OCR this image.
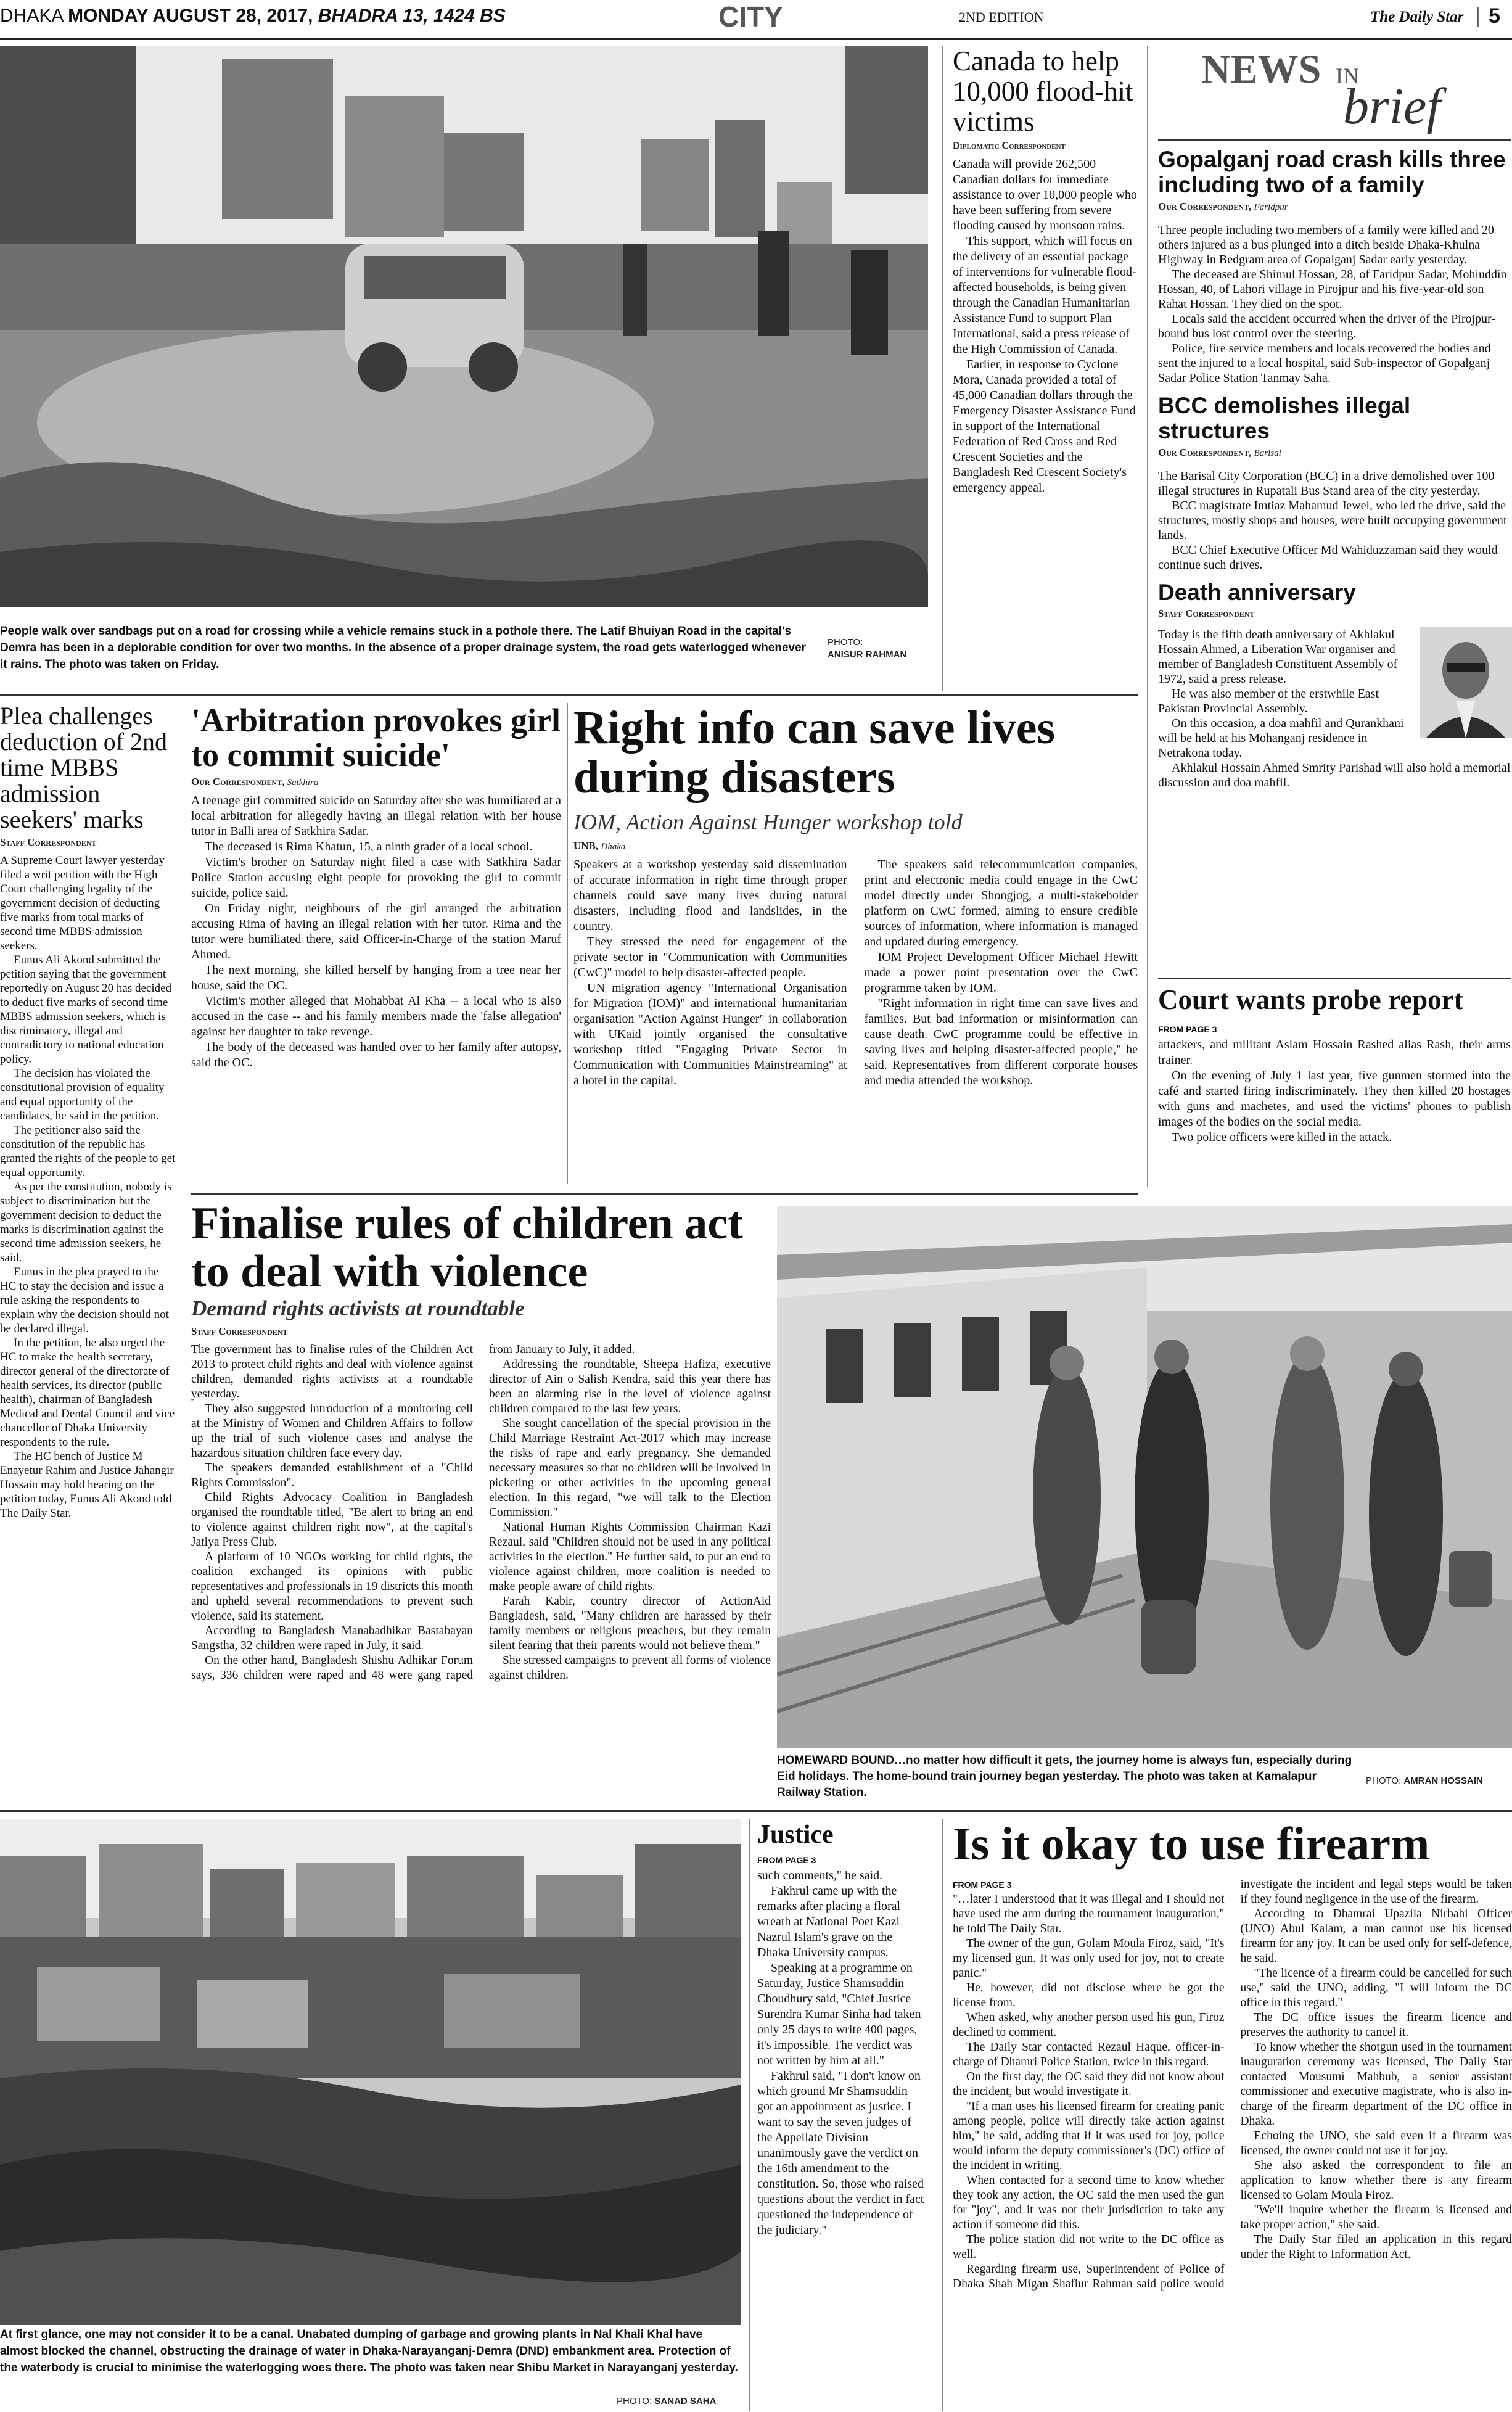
DHAKA MONDAY AUGUST 28, 2017, BHADRA 13, 1424 BS	CITY	2ND EDITION	The Daily Star | 5
People walk over sandbags put on a road for crossing while a vehicle remains stuck in a pothole there. The Latif Bhuiyan Road in the capital's Demra has been in a deplorable condition for over two months. In the absence of a proper drainage system, the road gets waterlogged whenever it rains. The photo was taken on Friday.
PHOTO:
ANISUR RAHMAN
Canada to help 10,000 flood-hit victims
Diplomatic Correspondent

Canada will provide 262,500 Canadian dollars for immediate assistance to over 10,000 people who have been suffering from severe flooding caused by monsoon rains.

This support, which will focus on the delivery of an essential package of interventions for vulnerable flood-affected households, is being given through the Canadian Humanitarian Assistance Fund to support Plan International, said a press release of the High Commission of Canada.

Earlier, in response to Cyclone Mora, Canada provided a total of 45,000 Canadian dollars through the Emergency Disaster Assistance Fund in support of the International Federation of Red Cross and Red Crescent Societies and the Bangladesh Red Crescent Society's emergency appeal.

NEWS IN
brief
Gopalganj road crash kills three including two of a family
Our Correspondent, Faridpur

Three people including two members of a family were killed and 20 others injured as a bus plunged into a ditch beside Dhaka-Khulna Highway in Bedgram area of Gopalganj Sadar early yesterday.

The deceased are Shimul Hossan, 28, of Faridpur Sadar, Mohiuddin Hossan, 40, of Lahori village in Pirojpur and his five-year-old son Rahat Hossan. They died on the spot.

Locals said the accident occurred when the driver of the Pirojpur-bound bus lost control over the steering.

Police, fire service members and locals recovered the bodies and sent the injured to a local hospital, said Sub-inspector of Gopalganj Sadar Police Station Tanmay Saha.

BCC demolishes illegal structures
Our Correspondent, Barisal

The Barisal City Corporation (BCC) in a drive demolished over 100 illegal structures in Rupatali Bus Stand area of the city yesterday.

BCC magistrate Imtiaz Mahamud Jewel, who led the drive, said the structures, mostly shops and houses, were built occupying government lands.

BCC Chief Executive Officer Md Wahiduzzaman said they would continue such drives.

Death anniversary
Staff Correspondent

Today is the fifth death anniversary of Akhlakul Hossain Ahmed, a Liberation War organiser and member of Bangladesh Constituent Assembly of 1972, said a press release.

He was also member of the erstwhile East Pakistan Provincial Assembly.

On this occasion, a doa mahfil and Qurankhani will be held at his Mohanganj residence in Netrakona today.

Akhlakul Hossain Ahmed Smrity Parishad will also hold a memorial discussion and doa mahfil.

Court wants probe report

FROM PAGE 3

attackers, and militant Aslam Hossain Rashed alias Rash, their arms trainer.

On the evening of July 1 last year, five gunmen stormed into the café and started firing indiscriminately. They then killed 20 hostages with guns and machetes, and used the victims' phones to publish images of the bodies on the social media.

Two police officers were killed in the attack.

Plea challenges deduction of 2nd time MBBS admission seekers' marks
Staff Correspondent

A Supreme Court lawyer yesterday filed a writ petition with the High Court challenging legality of the government decision of deducting five marks from total marks of second time MBBS admission seekers.

Eunus Ali Akond submitted the petition saying that the government reportedly on August 20 has decided to deduct five marks of second time MBBS admission seekers, which is discriminatory, illegal and contradictory to national education policy.

The decision has violated the constitutional provision of equality and equal opportunity of the candidates, he said in the petition.

The petitioner also said the constitution of the republic has granted the rights of the people to get equal opportunity.

As per the constitution, nobody is subject to discrimination but the government decision to deduct the marks is discrimination against the second time admission seekers, he said.

Eunus in the plea prayed to the HC to stay the decision and issue a rule asking the respondents to explain why the decision should not be declared illegal.

In the petition, he also urged the HC to make the health secretary, director general of the directorate of health services, its director (public health), chairman of Bangladesh Medical and Dental Council and vice chancellor of Dhaka University respondents to the rule.

The HC bench of Justice M Enayetur Rahim and Justice Jahangir Hossain may hold hearing on the petition today, Eunus Ali Akond told The Daily Star.

'Arbitration provokes girl to commit suicide'
Our Correspondent, Satkhira

A teenage girl committed suicide on Saturday after she was humiliated at a local arbitration for allegedly having an illegal relation with her house tutor in Balli area of Satkhira Sadar.

The deceased is Rima Khatun, 15, a ninth grader of a local school.

Victim's brother on Saturday night filed a case with Satkhira Sadar Police Station accusing eight people for provoking the girl to commit suicide, police said.

On Friday night, neighbours of the girl arranged the arbitration accusing Rima of having an illegal relation with her tutor. Rima and the tutor were humiliated there, said Officer-in-Charge of the station Maruf Ahmed.

The next morning, she killed herself by hanging from a tree near her house, said the OC.

Victim's mother alleged that Mohabbat Al Kha -- a local who is also accused in the case -- and his family members made the 'false allegation' against her daughter to take revenge.

The body of the deceased was handed over to her family after autopsy, said the OC.

Right info can save lives during disasters
IOM, Action Against Hunger workshop told
UNB, Dhaka

Speakers at a workshop yesterday said dissemination of accurate information in right time through proper channels could save many lives during natural disasters, including flood and landslides, in the country.

They stressed the need for engagement of the private sector in "Communication with Communities (CwC)" model to help disaster-affected people.

UN migration agency "International Organisation for Migration (IOM)" and international humanitarian organisation "Action Against Hunger" in collaboration with UKaid jointly organised the consultative workshop titled "Engaging Private Sector in Communication with Communities Mainstreaming" at a hotel in the capital.

The speakers said telecommunication companies, print and electronic media could engage in the CwC model directly under Shongjog, a multi-stakeholder platform on CwC formed, aiming to ensure credible sources of information, where information is managed and updated during emergency.

IOM Project Development Officer Michael Hewitt made a power point presentation over the CwC programme taken by IOM.

"Right information in right time can save lives and families. But bad information or misinformation can cause death. CwC programme could be effective in saving lives and helping disaster-affected people," he said. Representatives from different corporate houses and media attended the workshop.

Finalise rules of children act to deal with violence
Demand rights activists at roundtable
Staff Correspondent

The government has to finalise rules of the Children Act 2013 to protect child rights and deal with violence against children, demanded rights activists at a roundtable yesterday.

They also suggested introduction of a monitoring cell at the Ministry of Women and Children Affairs to follow up the trial of such violence cases and analyse the hazardous situation children face every day.

The speakers demanded establishment of a "Child Rights Commission".

Child Rights Advocacy Coalition in Bangladesh organised the roundtable titled, "Be alert to bring an end to violence against children right now", at the capital's Jatiya Press Club.

A platform of 10 NGOs working for child rights, the coalition exchanged its opinions with public representatives and professionals in 19 districts this month and upheld several recommendations to prevent such violence, said its statement.

According to Bangladesh Manabadhikar Bastabayan Sangstha, 32 children were raped in July, it said.

On the other hand, Bangladesh Shishu Adhikar Forum says, 336 children were raped and 48 were gang raped from January to July, it added.

Addressing the roundtable, Sheepa Hafiza, executive director of Ain o Salish Kendra, said this year there has been an alarming rise in the level of violence against children compared to the last few years.

She sought cancellation of the special provision in the Child Marriage Restraint Act-2017 which may increase the risks of rape and early pregnancy. She demanded necessary measures so that no children will be involved in picketing or other activities in the upcoming general election. In this regard, "we will talk to the Election Commission."

National Human Rights Commission Chairman Kazi Rezaul, said "Children should not be used in any political activities in the election." He further said, to put an end to violence against children, more coalition is needed to make people aware of child rights.

Farah Kabir, country director of ActionAid Bangladesh, said, "Many children are harassed by their family members or religious preachers, but they remain silent fearing that their parents would not believe them."

She stressed campaigns to prevent all forms of violence against children.

HOMEWARD BOUND…no matter how difficult it gets, the journey home is always fun, especially during Eid holidays. The home-bound train journey began yesterday. The photo was taken at Kamalapur Railway Station.
PHOTO: AMRAN HOSSAIN
At first glance, one may not consider it to be a canal. Unabated dumping of garbage and growing plants in Nal Khali Khal have almost blocked the channel, obstructing the drainage of water in Dhaka-Narayanganj-Demra (DND) embankment area. Protection of the waterbody is crucial to minimise the waterlogging woes there. The photo was taken near Shibu Market in Narayanganj yesterday.
PHOTO: SANAD SAHA
Justice

FROM PAGE 3

such comments," he said.

Fakhrul came up with the remarks after placing a floral wreath at National Poet Kazi Nazrul Islam's grave on the Dhaka University campus.

Speaking at a programme on Saturday, Justice Shamsuddin Choudhury said, "Chief Justice Surendra Kumar Sinha had taken only 25 days to write 400 pages, it's impossible. The verdict was not written by him at all."

Fakhrul said, "I don't know on which ground Mr Shamsuddin got an appointment as justice. I want to say the seven judges of the Appellate Division unanimously gave the verdict on the 16th amendment to the constitution. So, those who raised questions about the verdict in fact questioned the independence of the judiciary."

Is it okay to use firearm

FROM PAGE 3

"…later I understood that it was illegal and I should not have used the arm during the tournament inauguration," he told The Daily Star.

The owner of the gun, Golam Moula Firoz, said, "It's my licensed gun. It was only used for joy, not to create panic."

He, however, did not disclose where he got the license from.

When asked, why another person used his gun, Firoz declined to comment.

The Daily Star contacted Rezaul Haque, officer-in-charge of Dhamri Police Station, twice in this regard.

On the first day, the OC said they did not know about the incident, but would investigate it.

"If a man uses his licensed firearm for creating panic among people, police will directly take action against him," he said, adding that if it was used for joy, police would inform the deputy commissioner's (DC) office of the incident in writing.

When contacted for a second time to know whether they took any action, the OC said the men used the gun for "joy", and it was not their jurisdiction to take any action if someone did this.

The police station did not write to the DC office as well.

Regarding firearm use, Superintendent of Police of Dhaka Shah Migan Shafiur Rahman said police would investigate the incident and legal steps would be taken if they found negligence in the use of the firearm.

According to Dhamrai Upazila Nirbahi Officer (UNO) Abul Kalam, a man cannot use his licensed firearm for any joy. It can be used only for self-defence, he said.

"The licence of a firearm could be cancelled for such use," said the UNO, adding, "I will inform the DC office in this regard."

The DC office issues the firearm licence and preserves the authority to cancel it.

To know whether the shotgun used in the tournament inauguration ceremony was licensed, The Daily Star contacted Mousumi Mahbub, a senior assistant commissioner and executive magistrate, who is also in-charge of the firearm department of the DC office in Dhaka.

Echoing the UNO, she said even if a firearm was licensed, the owner could not use it for joy.

She also asked the correspondent to file an application to know whether there is any firearm licensed to Golam Moula Firoz.

"We'll inquire whether the firearm is licensed and take proper action," she said.

The Daily Star filed an application in this regard under the Right to Information Act.
